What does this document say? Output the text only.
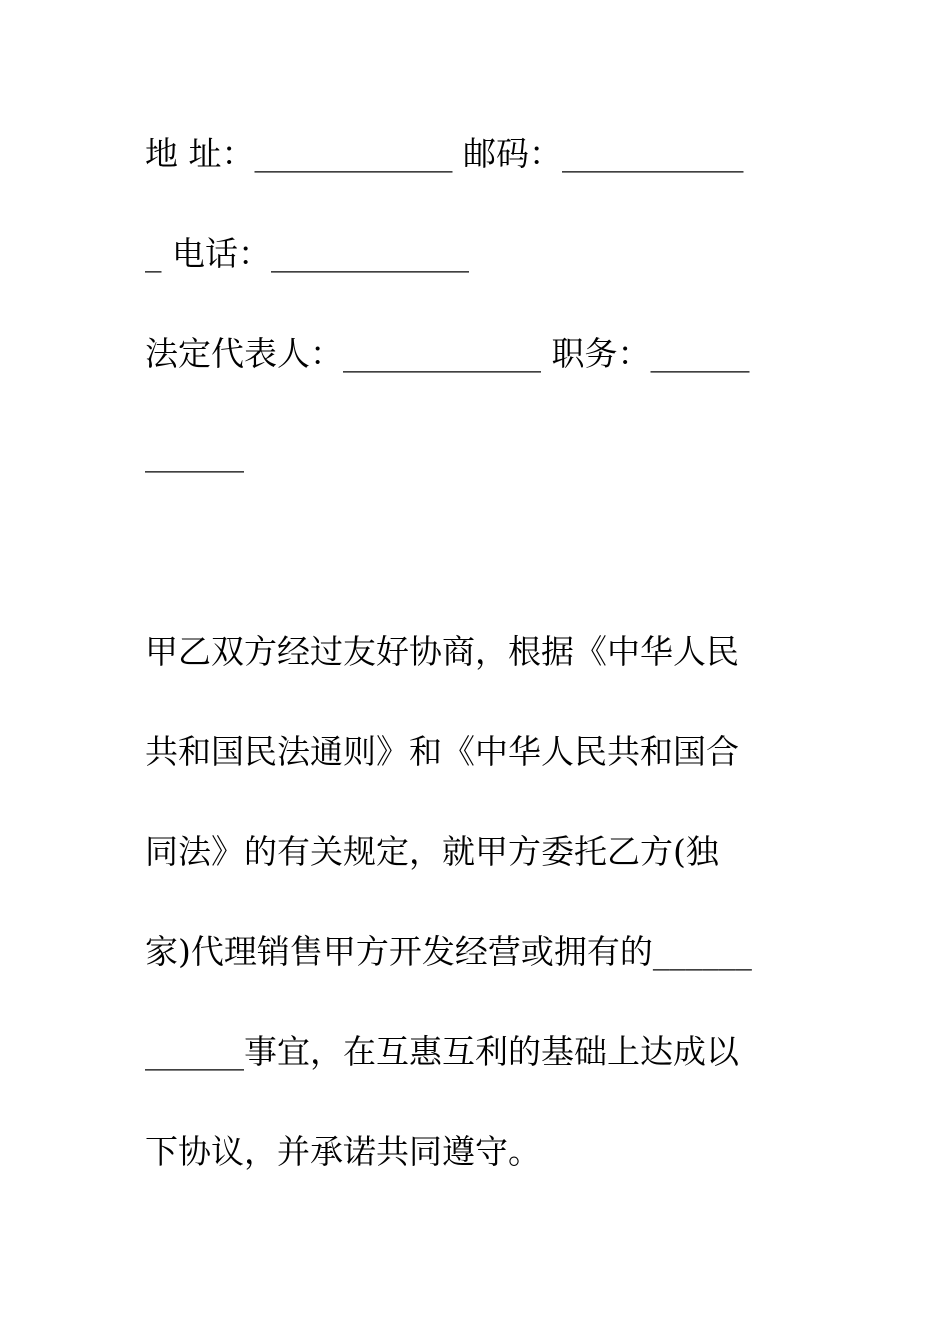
地 址：____________ 邮码：___________
_ 电话：____________
法定代表人：____________ 职务：______
______
甲乙双方经过友好协商，根据《中华人民
共和国民法通则》和《中华人民共和国合
同法》的有关规定，就甲方委托乙方(独
家)代理销售甲方开发经营或拥有的______
______事宜，在互惠互利的基础上达成以
下协议，并承诺共同遵守。
